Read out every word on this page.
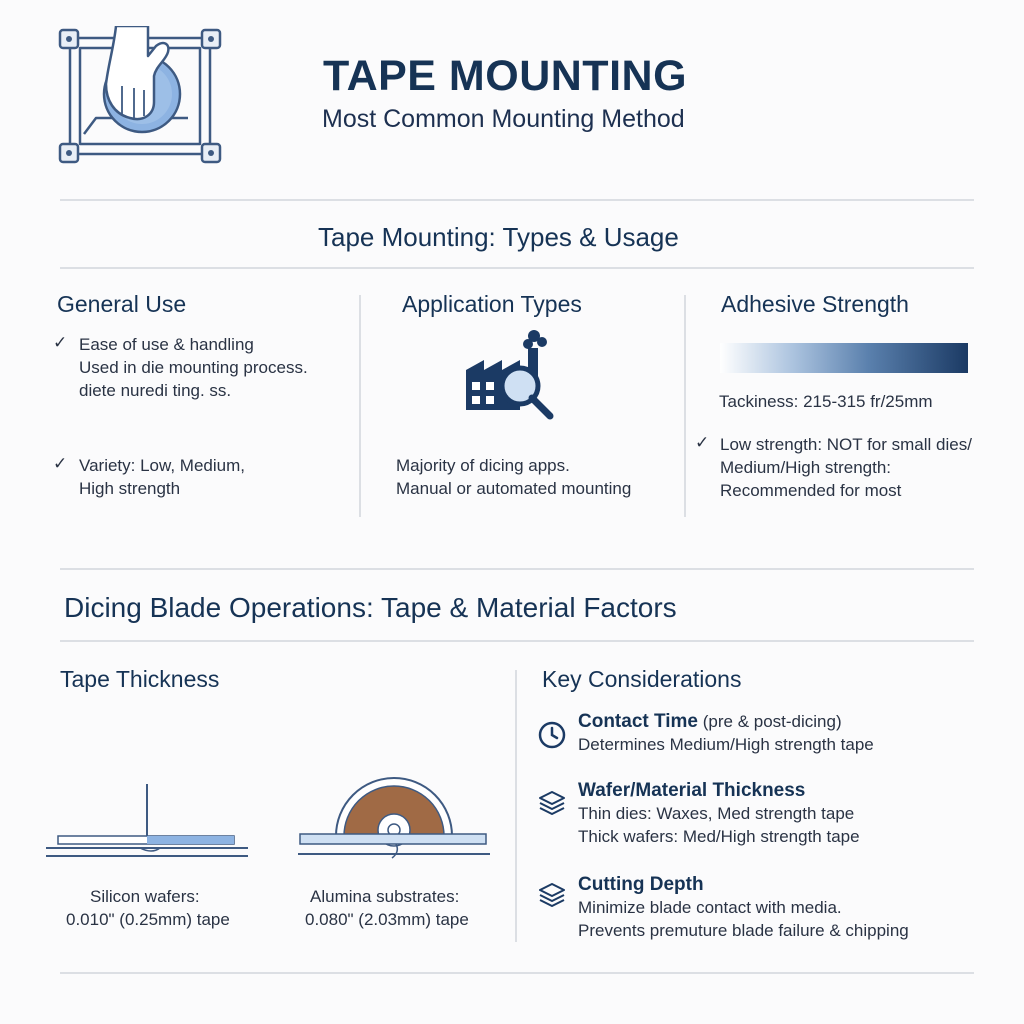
TAPE MOUNTING
Most Common Mounting Method
Tape Mounting: Types & Usage
General Use
✓ Ease of use & handling
Used in die mounting process.
diete nuredi ting. ss.
✓ Variety: Low, Medium,
High strength
Application Types
Majority of dicing apps.
Manual or automated mounting
Adhesive Strength
Tackiness: 215-315 fr/25mm
✓ Low strength: NOT for small dies/
Medium/High strength:
Recommended for most
Dicing Blade Operations: Tape & Material Factors
Tape Thickness
Silicon wafers:
0.010" (0.25mm) tape
Alumina substrates:
0.080" (2.03mm) tape
Key Considerations
Contact Time (pre & post-dicing)
Determines Medium/High strength tape
Wafer/Material Thickness
Thin dies: Waxes, Med strength tape
Thick wafers: Med/High strength tape
Cutting Depth
Minimize blade contact with media.
Prevents premuture blade failure & chipping
